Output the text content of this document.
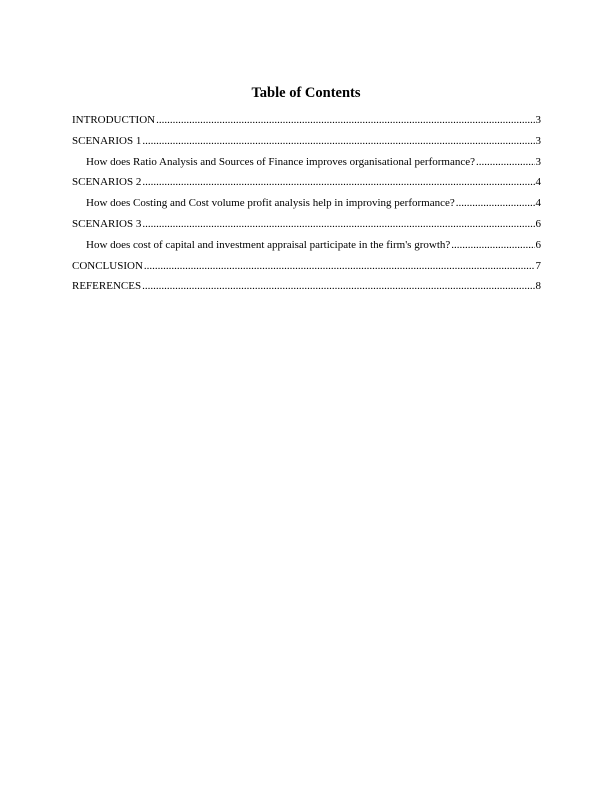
Table of Contents
INTRODUCTION .....	3
SCENARIOS 1 .....	3
How does Ratio Analysis and Sources of Finance improves organisational performance? .....	3
SCENARIOS 2 .....	4
How does Costing and Cost volume profit analysis help in improving performance? .....	4
SCENARIOS 3 .....	6
How does cost of capital and investment appraisal participate in the firm's growth? .....	6
CONCLUSION .....	7
REFERENCES .....	8
